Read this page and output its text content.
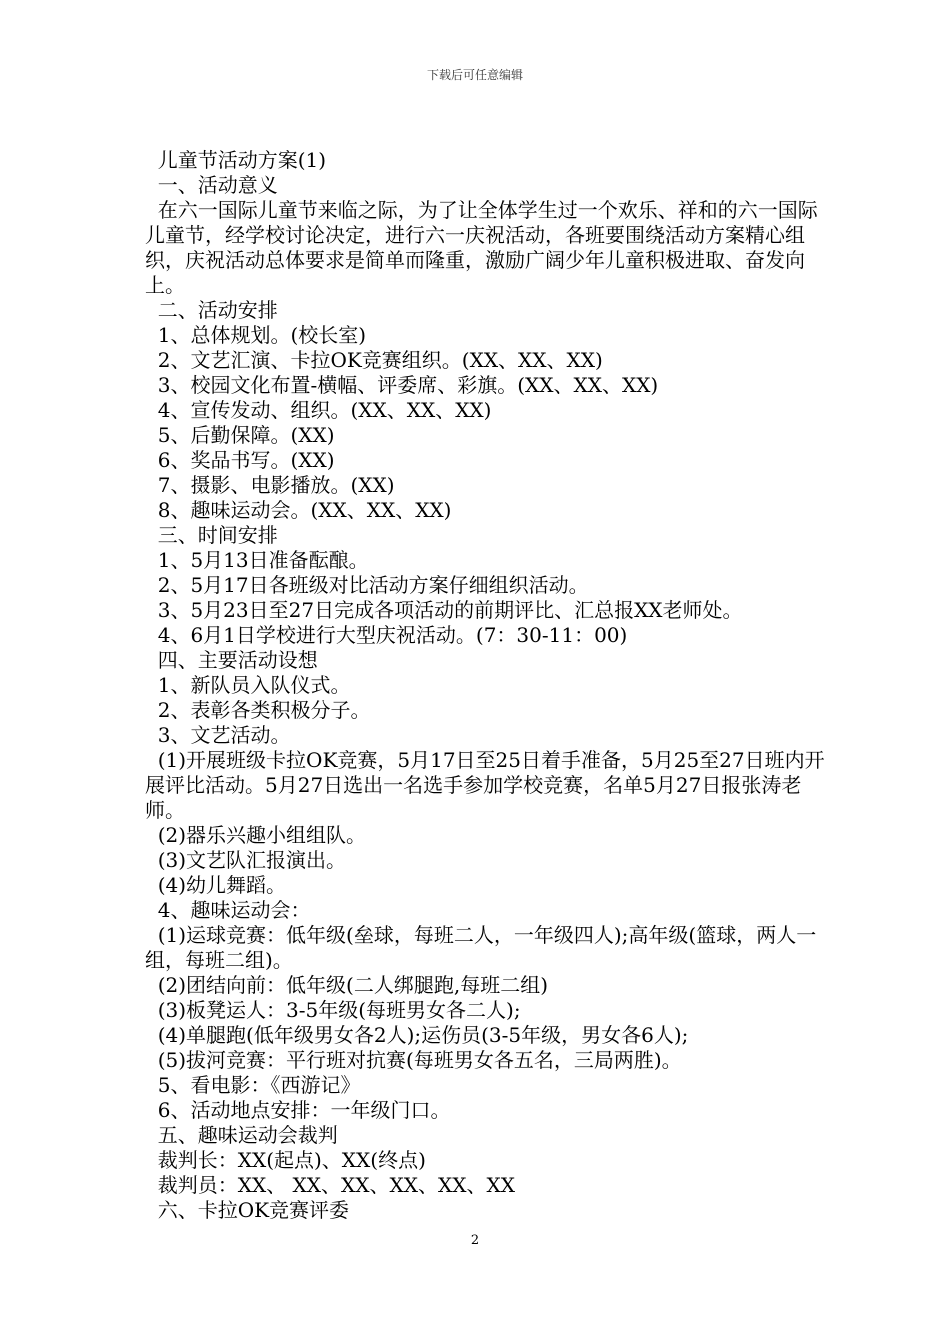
下载后可任意编辑

儿童节活动方案(1)

一、活动意义

在六一国际儿童节来临之际，为了让全体学生过一个欢乐、祥和的六一国际儿童节，经学校讨论决定，进行六一庆祝活动，各班要围绕活动方案精心组织，庆祝活动总体要求是简单而隆重，激励广阔少年儿童积极进取、奋发向上。

二、活动安排

1、总体规划。(校长室)

2、文艺汇演、卡拉OK竞赛组织。(XX、XX、XX)

3、校园文化布置-横幅、评委席、彩旗。(XX、XX、XX)

4、宣传发动、组织。(XX、XX、XX)

5、后勤保障。(XX)

6、奖品书写。(XX)

7、摄影、电影播放。(XX)

8、趣味运动会。(XX、XX、XX)

三、时间安排

1、5月13日准备酝酿。

2、5月17日各班级对比活动方案仔细组织活动。

3、5月23日至27日完成各项活动的前期评比、汇总报XX老师处。

4、6月1日学校进行大型庆祝活动。(7：30-11：00)

四、主要活动设想

1、新队员入队仪式。

2、表彰各类积极分子。

3、文艺活动。

(1)开展班级卡拉OK竞赛，5月17日至25日着手准备，5月25至27日班内开展评比活动。5月27日选出一名选手参加学校竞赛，名单5月27日报张涛老师。

(2)器乐兴趣小组组队。

(3)文艺队汇报演出。

(4)幼儿舞蹈。

4、趣味运动会：

(1)运球竞赛：低年级(垒球，每班二人，一年级四人);高年级(篮球，两人一组，每班二组)。

(2)团结向前：低年级(二人绑腿跑,每班二组)

(3)板凳运人：3-5年级(每班男女各二人);

(4)单腿跑(低年级男女各2人);运伤员(3-5年级，男女各6人);

(5)拔河竞赛：平行班对抗赛(每班男女各五名，三局两胜)。

5、看电影：《西游记》

6、活动地点安排：一年级门口。

五、趣味运动会裁判

裁判长：XX(起点)、XX(终点)

裁判员：XX、 XX、XX、XX、XX、XX

六、卡拉OK竞赛评委

2
